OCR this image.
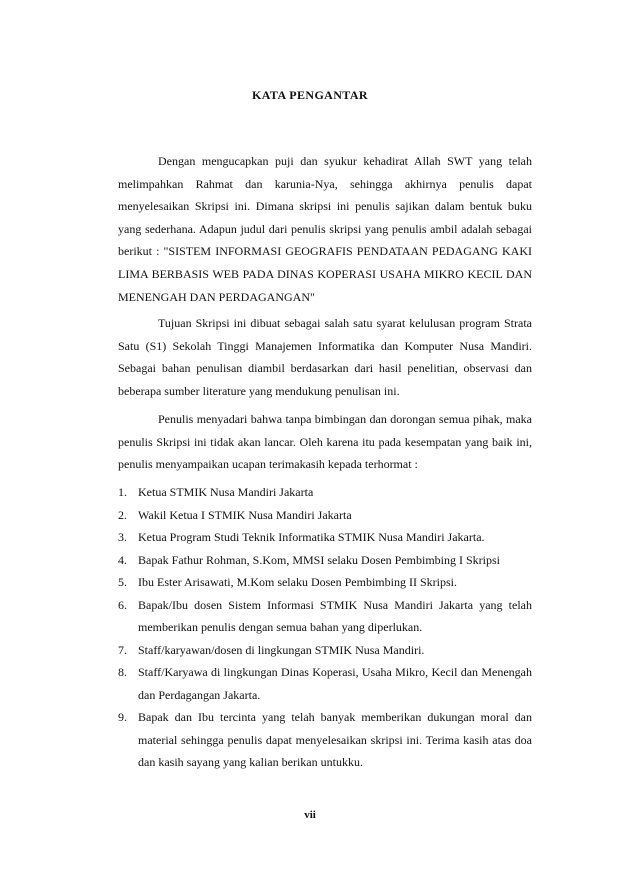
KATA PENGANTAR

Dengan mengucapkan puji dan syukur kehadirat Allah SWT yang telah melimpahkan Rahmat dan karunia-Nya, sehingga akhirnya penulis dapat menyelesaikan Skripsi ini. Dimana skripsi ini penulis sajikan dalam bentuk buku yang sederhana. Adapun judul dari penulis skripsi yang penulis ambil adalah sebagai berikut : "SISTEM INFORMASI GEOGRAFIS PENDATAAN PEDAGANG KAKI LIMA BERBASIS WEB PADA DINAS KOPERASI USAHA MIKRO KECIL DAN MENENGAH DAN PERDAGANGAN"

Tujuan Skripsi ini dibuat sebagai salah satu syarat kelulusan program Strata Satu (S1) Sekolah Tinggi Manajemen Informatika dan Komputer Nusa Mandiri. Sebagai bahan penulisan diambil berdasarkan dari hasil penelitian, observasi dan beberapa sumber literature yang mendukung penulisan ini.

Penulis menyadari bahwa tanpa bimbingan dan dorongan semua pihak, maka penulis Skripsi ini tidak akan lancar. Oleh karena itu pada kesempatan yang baik ini, penulis menyampaikan ucapan terimakasih kepada terhormat :

1. Ketua STMIK Nusa Mandiri Jakarta
2. Wakil Ketua I STMIK Nusa Mandiri Jakarta
3. Ketua Program Studi Teknik Informatika STMIK Nusa Mandiri Jakarta.
4. Bapak Fathur Rohman, S.Kom, MMSI selaku Dosen Pembimbing I Skripsi
5. Ibu Ester Arisawati, M.Kom selaku Dosen Pembimbing II Skripsi.
6. Bapak/Ibu dosen Sistem Informasi STMIK Nusa Mandiri Jakarta yang telah memberikan penulis dengan semua bahan yang diperlukan.
7. Staff/karyawan/dosen di lingkungan STMIK Nusa Mandiri.
8. Staff/Karyawa di lingkungan Dinas Koperasi, Usaha Mikro, Kecil dan Menengah dan Perdagangan Jakarta.
9. Bapak dan Ibu tercinta yang telah banyak memberikan dukungan moral dan material sehingga penulis dapat menyelesaikan skripsi ini. Terima kasih atas doa dan kasih sayang yang kalian berikan untukku.
vii
